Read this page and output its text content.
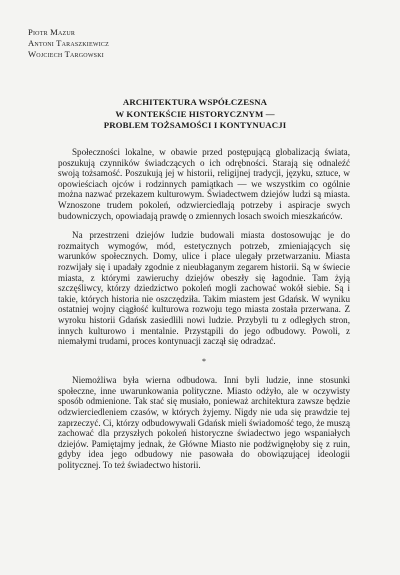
Piotr Mazur
Antoni Taraszkiewicz
Wojciech Targowski
ARCHITEKTURA WSPÓŁCZESNA
W KONTEKŚCIE HISTORYCZNYM —
PROBLEM TOŻSAMOŚCI I KONTYNUACJI

Społeczności lokalne, w obawie przed postępującą globalizacją świata, poszukują czynników świadczących o ich odrębności. Starają się odnaleźć swoją tożsamość. Poszukują jej w historii, religijnej tradycji, języku, sztuce, w opowieściach ojców i rodzinnych pamiątkach — we wszystkim co ogólnie można nazwać przekazem kulturowym. Świadectwem dziejów ludzi są miasta. Wznoszone trudem pokoleń, odzwierciedlają potrzeby i aspiracje swych budowniczych, opowiadają prawdę o zmiennych losach swoich mieszkańców.

Na przestrzeni dziejów ludzie budowali miasta dostosowując je do rozmaitych wymogów, mód, estetycznych potrzeb, zmieniających się warunków społecznych. Domy, ulice i place ulegały przetwarzaniu. Miasta rozwijały się i upadały zgodnie z nieubłaganym zegarem historii. Są w świecie miasta, z którymi zawieruchy dziejów obeszły się łagodnie. Tam żyją szczęśliwcy, którzy dziedzictwo pokoleń mogli zachować wokół siebie. Są i takie, których historia nie oszczędziła. Takim miastem jest Gdańsk. W wyniku ostatniej wojny ciągłość kulturowa rozwoju tego miasta została przerwana. Z wyroku historii Gdańsk zasiedlili nowi ludzie. Przybyli tu z odległych stron, innych kulturowo i mentalnie. Przystąpili do jego odbudowy. Powoli, z niemałymi trudami, proces kontynuacji zaczął się odradzać.

*

Niemożliwa była wierna odbudowa. Inni byli ludzie, inne stosunki społeczne, inne uwarunkowania polityczne. Miasto odżyło, ale w oczywisty sposób odmienione. Tak stać się musiało, ponieważ architektura zawsze będzie odzwierciedleniem czasów, w których żyjemy. Nigdy nie uda się prawdzie tej zaprzeczyć. Ci, którzy odbudowywali Gdańsk mieli świadomość tego, że muszą zachować dla przyszłych pokoleń historyczne świadectwo jego wspaniałych dziejów. Pamiętajmy jednak, że Główne Miasto nie podźwignęłoby się z ruin, gdyby idea jego odbudowy nie pasowała do obowiązującej ideologii politycznej. To też świadectwo historii.
